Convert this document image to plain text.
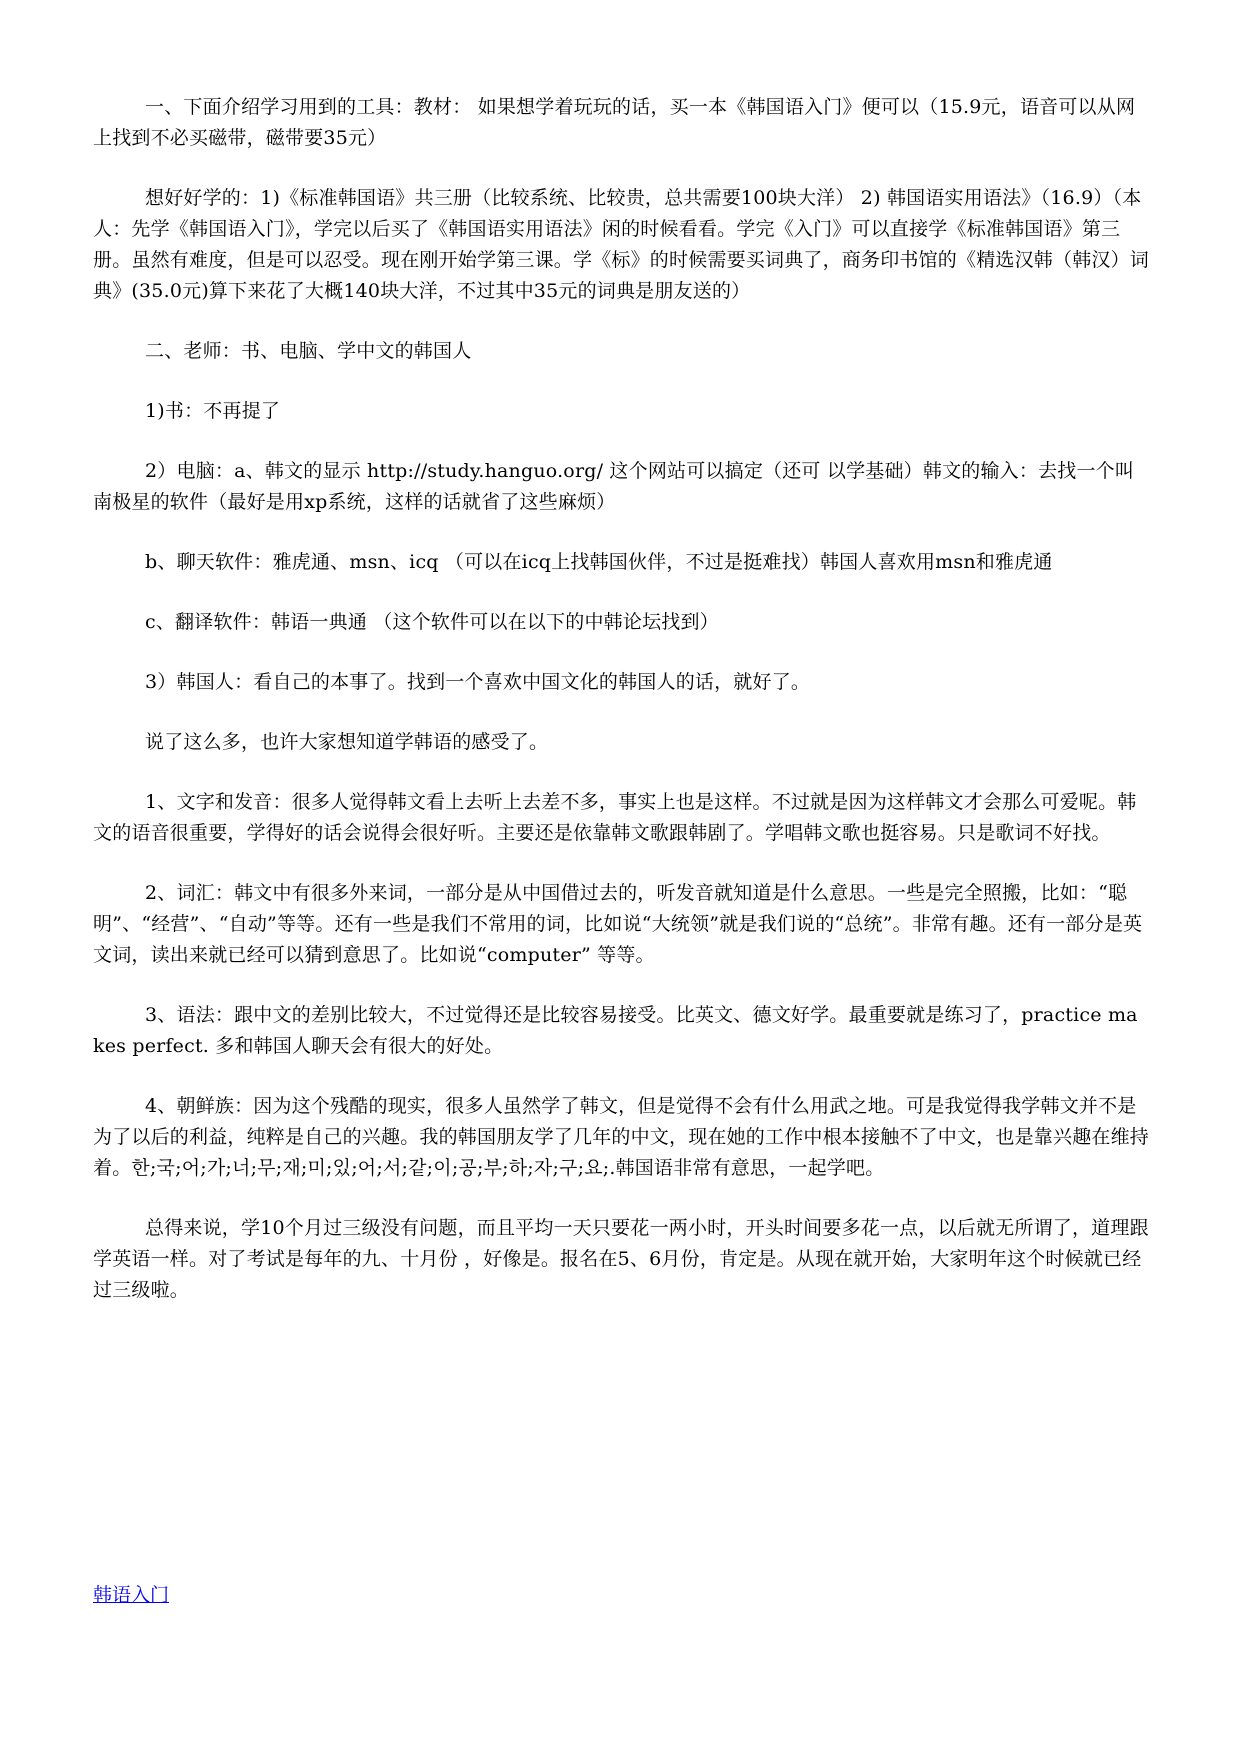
一、下面介绍学习用到的工具：教材： 如果想学着玩玩的话，买一本《韩国语入门》便可以（15.9元，语音可以从网上找到不必买磁带，磁带要35元）

想好好学的：1)《标准韩国语》共三册（比较系统、比较贵，总共需要100块大洋） 2) 韩国语实用语法》（16.9）（本人：先学《韩国语入门》，学完以后买了《韩国语实用语法》闲的时候看看。学完《入门》可以直接学《标准韩国语》第三册。虽然有难度，但是可以忍受。现在刚开始学第三课。学《标》的时候需要买词典了，商务印书馆的《精选汉韩（韩汉）词典》(35.0元)算下来花了大概140块大洋，不过其中35元的词典是朋友送的）

二、老师：书、电脑、学中文的韩国人

1)书：不再提了

2）电脑：a、韩文的显示 http://study.hanguo.org/ 这个网站可以搞定（还可 以学基础）韩文的输入：去找一个叫南极星的软件（最好是用xp系统，这样的话就省了这些麻烦）

b、聊天软件：雅虎通、msn、icq （可以在icq上找韩国伙伴，不过是挺难找）韩国人喜欢用msn和雅虎通

c、翻译软件：韩语一典通 （这个软件可以在以下的中韩论坛找到）

3）韩国人：看自己的本事了。找到一个喜欢中国文化的韩国人的话，就好了。

说了这么多，也许大家想知道学韩语的感受了。

1、文字和发音：很多人觉得韩文看上去听上去差不多，事实上也是这样。不过就是因为这样韩文才会那么可爱呢。韩文的语音很重要，学得好的话会说得会很好听。主要还是依靠韩文歌跟韩剧了。学唱韩文歌也挺容易。只是歌词不好找。

2、词汇：韩文中有很多外来词，一部分是从中国借过去的，听发音就知道是什么意思。一些是完全照搬，比如：“聪明”、“经营”、“自动”等等。还有一些是我们不常用的词，比如说“大统领”就是我们说的“总统”。非常有趣。还有一部分是英文词，读出来就已经可以猜到意思了。比如说“computer” 等等。

3、语法：跟中文的差别比较大，不过觉得还是比较容易接受。比英文、德文好学。最重要就是练习了，practice makes perfect. 多和韩国人聊天会有很大的好处。

4、朝鲜族：因为这个残酷的现实，很多人虽然学了韩文，但是觉得不会有什么用武之地。可是我觉得我学韩文并不是为了以后的利益，纯粹是自己的兴趣。我的韩国朋友学了几年的中文，现在她的工作中根本接触不了中文，也是靠兴趣在维持着。한;국;어;가;너;무;재;미;있;어;서;같;이;공;부;하;자;구;요;.韩国语非常有意思，一起学吧。

总得来说，学10个月过三级没有问题，而且平均一天只要花一两小时，开头时间要多花一点，以后就无所谓了，道理跟学英语一样。对了考试是每年的九、十月份 ，好像是。报名在5、6月份，肯定是。从现在就开始，大家明年这个时候就已经过三级啦。

韩语入门
